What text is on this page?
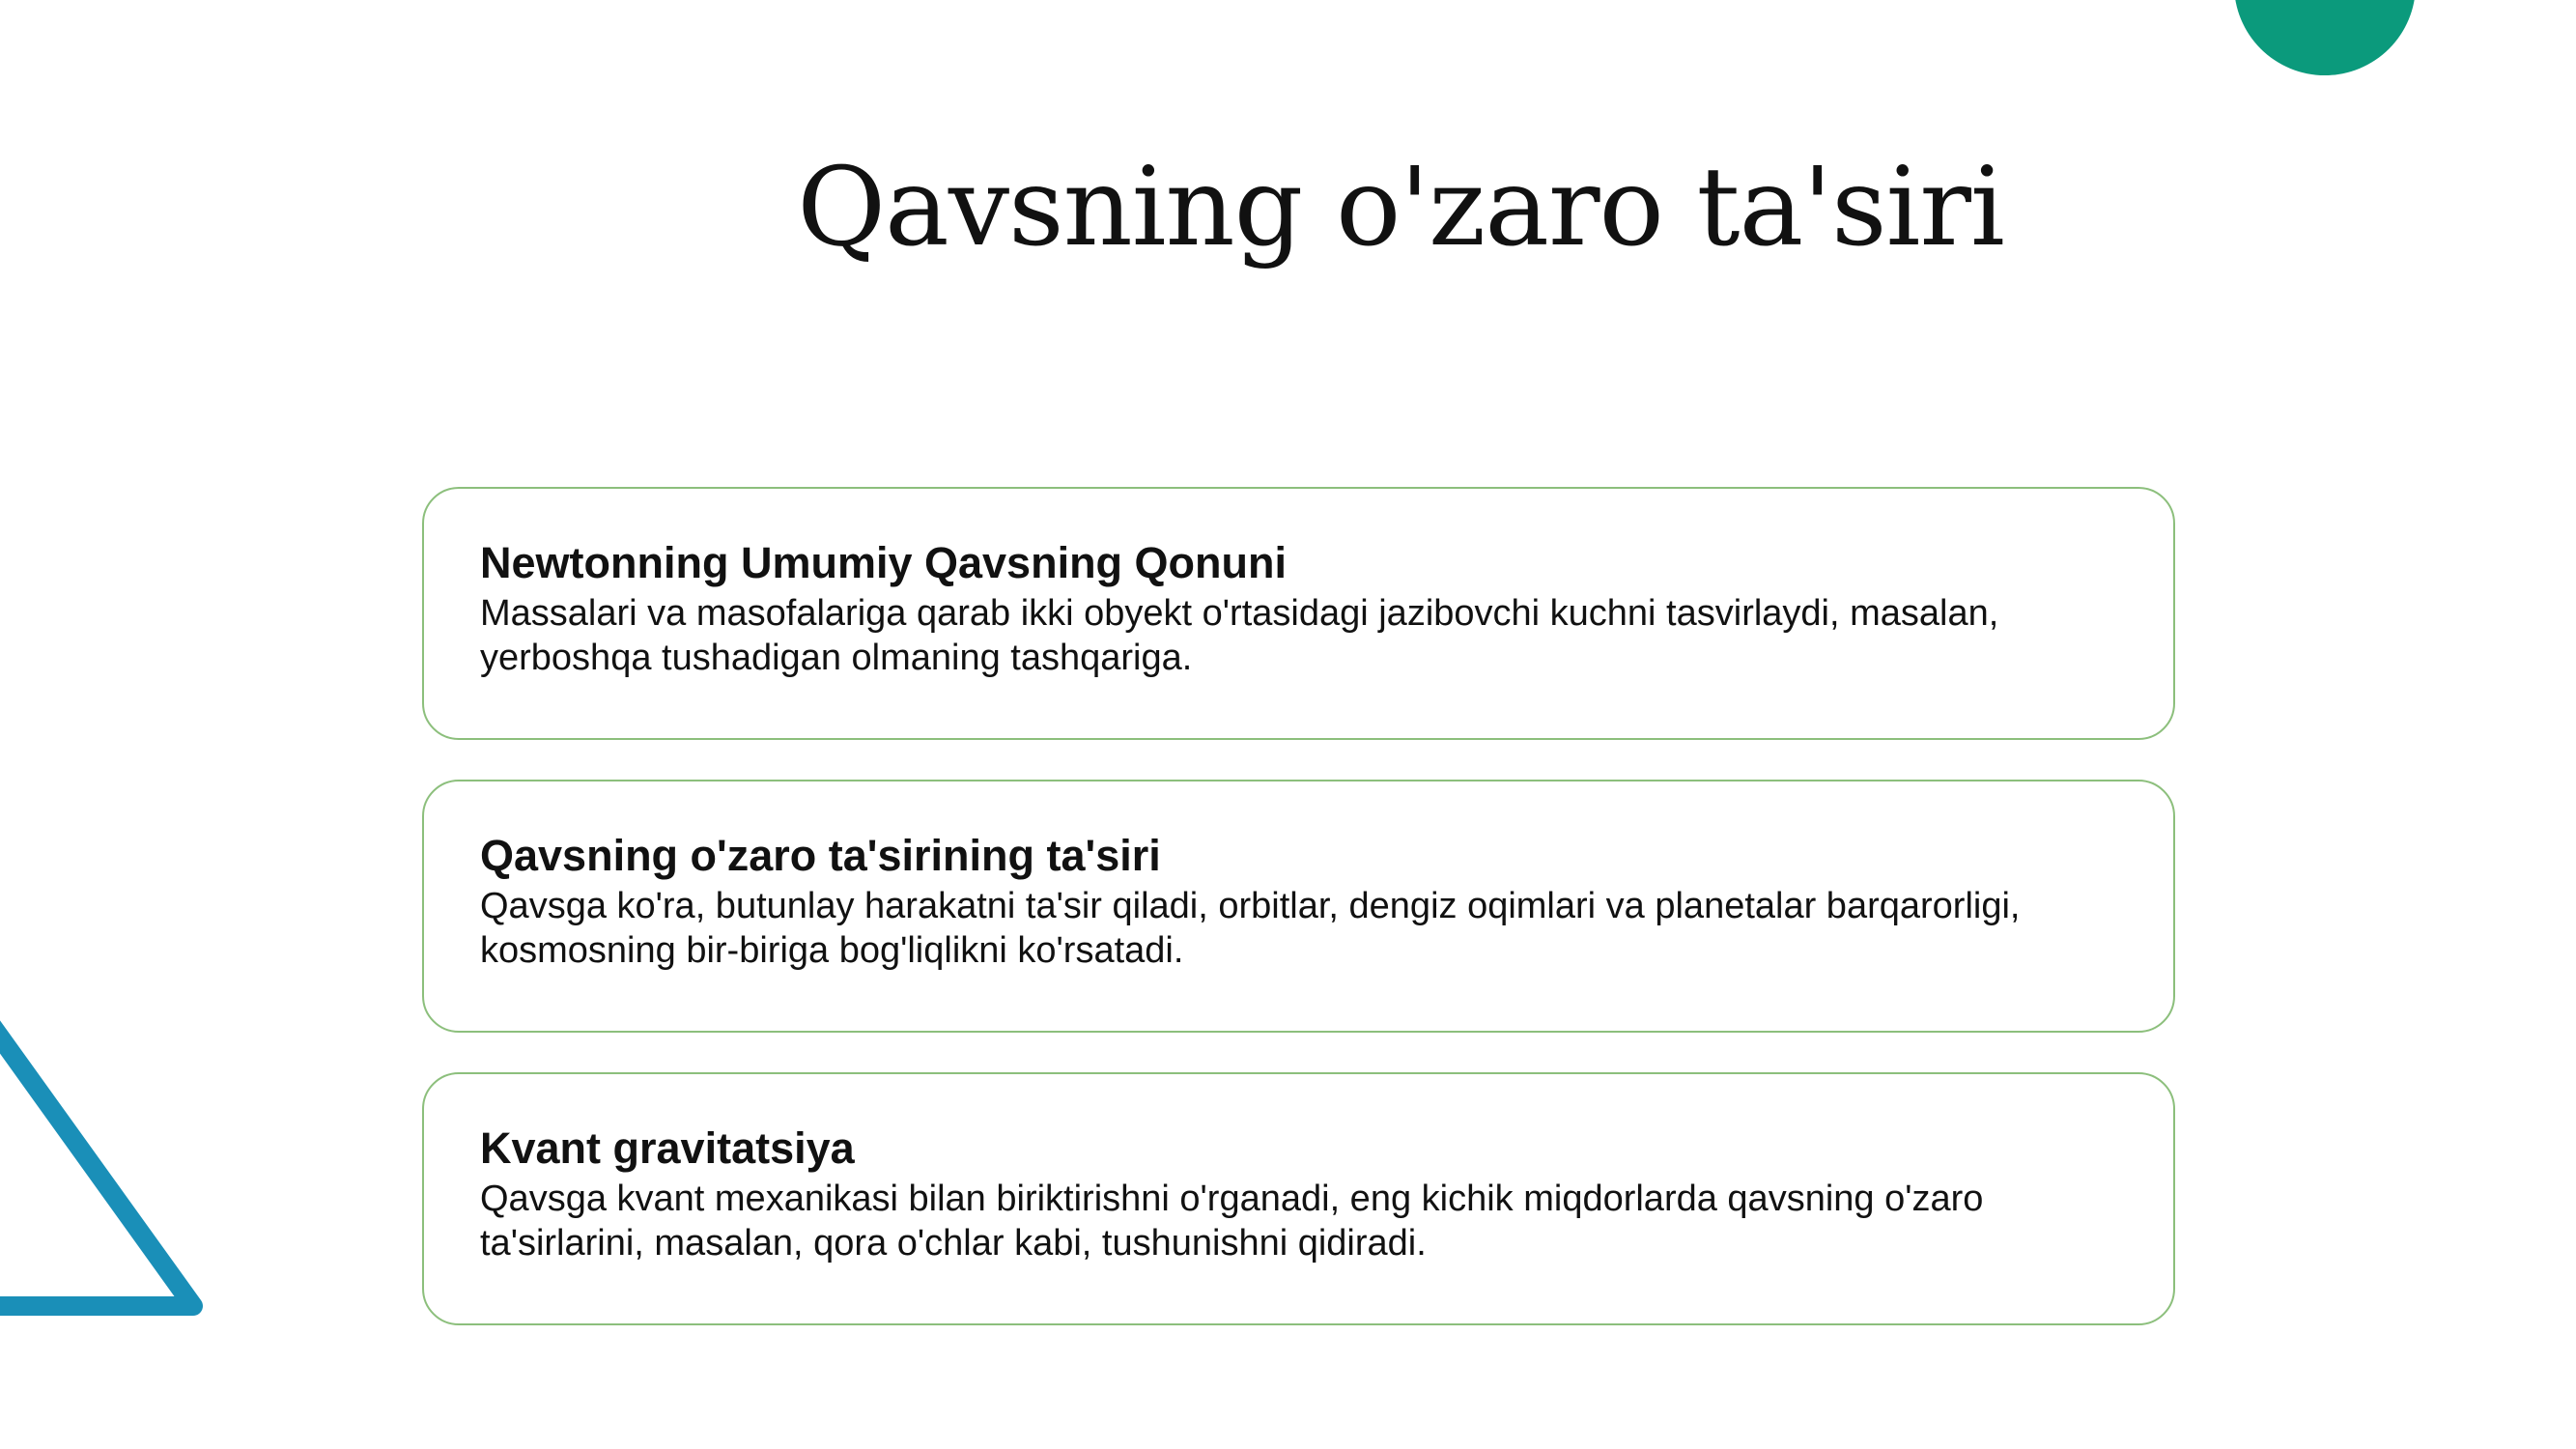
Qavsning o'zaro ta'siri

Newtonning Umumiy Qavsning Qonuni

Massalari va masofalariga qarab ikki obyekt o'rtasidagi jazibovchi kuchni tasvirlaydi, masalan, yerboshqa tushadigan olmaning tashqariga.

Qavsning o'zaro ta'sirining ta'siri

Qavsga ko'ra, butunlay harakatni ta'sir qiladi, orbitlar, dengiz oqimlari va planetalar barqarorligi, kosmosning bir-biriga bog'liqlikni ko'rsatadi.

Kvant gravitatsiya

Qavsga kvant mexanikasi bilan biriktirishni o'rganadi, eng kichik miqdorlarda qavsning o'zaro ta'sirlarini, masalan, qora o'chlar kabi, tushunishni qidiradi.
